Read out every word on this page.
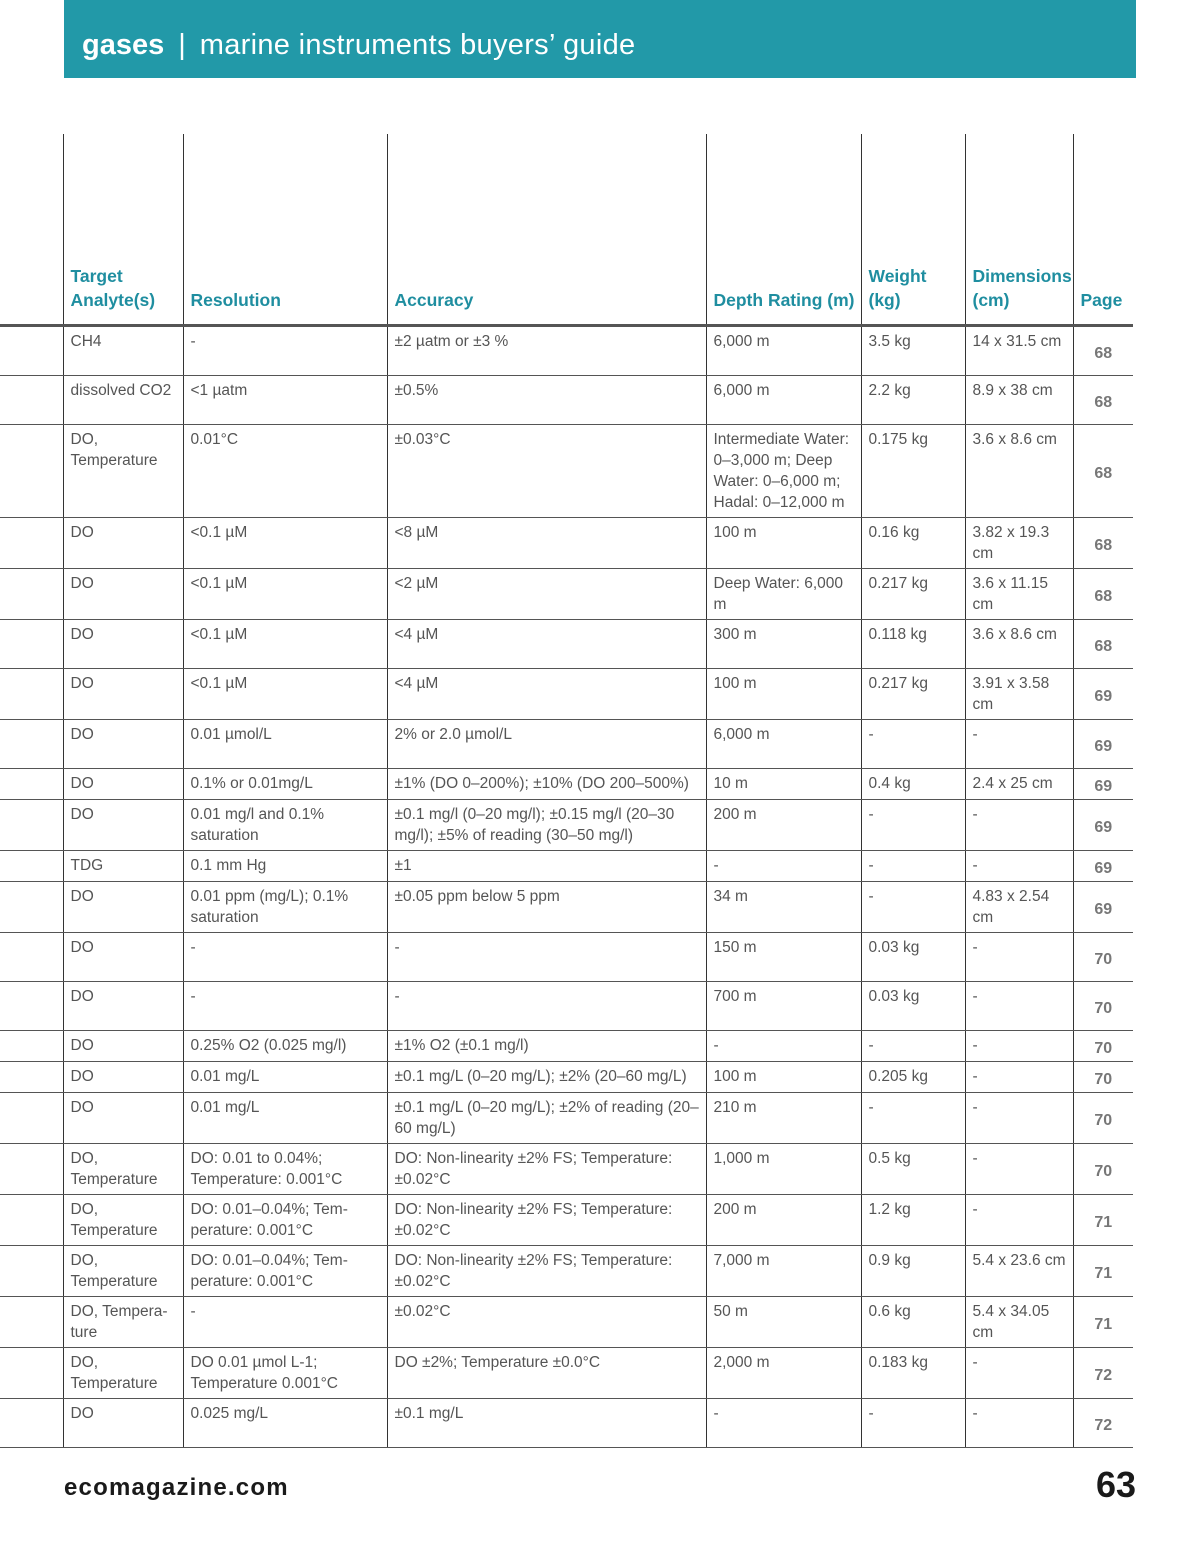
gases | marine instruments buyers’ guide
	Target Analyte(s)	Resolution	Accuracy	Depth Rating (m)	Weight (kg)	Dimensions (cm)	Page
	CH4	-	±2 µatm or ±3 %	6,000 m	3.5 kg	14 x 31.5 cm	68
	dissolved CO2	<1 µatm	±0.5%	6,000 m	2.2 kg	8.9 x 38 cm	68
	DO, Temperature	0.01°C	±0.03°C	Intermediate Water: 0–3,000 m; Deep Water: 0–6,000 m; Hadal: 0–12,000 m	0.175 kg	3.6 x 8.6 cm	68
	DO	<0.1 µM	<8 µM	100 m	0.16 kg	3.82 x 19.3 cm	68
	DO	<0.1 µM	<2 µM	Deep Water: 6,000 m	0.217 kg	3.6 x 11.15 cm	68
	DO	<0.1 µM	<4 µM	300 m	0.118 kg	3.6 x 8.6 cm	68
	DO	<0.1 µM	<4 µM	100 m	0.217 kg	3.91 x 3.58 cm	69
	DO	0.01 µmol/L	2% or 2.0 µmol/L	6,000 m	-	-	69
	DO	0.1% or 0.01mg/L	±1% (DO 0–200%); ±10% (DO 200–500%)	10 m	0.4 kg	2.4 x 25 cm	69
	DO	0.01 mg/l and 0.1% saturation	±0.1 mg/l (0–20 mg/l); ±0.15 mg/l (20–30 mg/l); ±5% of reading (30–50 mg/l)	200 m	-	-	69
	TDG	0.1 mm Hg	±1	-	-	-	69
	DO	0.01 ppm (mg/L); 0.1% saturation	±0.05 ppm below 5 ppm	34 m	-	4.83 x 2.54 cm	69
	DO	-	-	150 m	0.03 kg	-	70
	DO	-	-	700 m	0.03 kg	-	70
	DO	0.25% O2 (0.025 mg/l)	±1% O2 (±0.1 mg/l)	-	-	-	70
	DO	0.01 mg/L	±0.1 mg/L (0–20 mg/L); ±2% (20–60 mg/L)	100 m	0.205 kg	-	70
	DO	0.01 mg/L	±0.1 mg/L (0–20 mg/L); ±2% of reading (20–60 mg/L)	210 m	-	-	70
	DO, Temperature	DO: 0.01 to 0.04%; Temperature: 0.001°C	DO: Non-linearity ±2% FS; Temperature: ±0.02°C	1,000 m	0.5 kg	-	70
	DO, Temperature	DO: 0.01–0.04%; Tem-perature: 0.001°C	DO: Non-linearity ±2% FS; Temperature: ±0.02°C	200 m	1.2 kg	-	71
	DO, Temperature	DO: 0.01–0.04%; Tem-perature: 0.001°C	DO: Non-linearity ±2% FS; Temperature: ±0.02°C	7,000 m	0.9 kg	5.4 x 23.6 cm	71
	DO, Tempera-ture	-	±0.02°C	50 m	0.6 kg	5.4 x 34.05 cm	71
	DO, Temperature	DO 0.01 µmol L-1; Temperature 0.001°C	DO ±2%; Temperature ±0.0°C	2,000 m	0.183 kg	-	72
	DO	0.025 mg/L	±0.1 mg/L	-	-	-	72
ecomagazine.com	63
